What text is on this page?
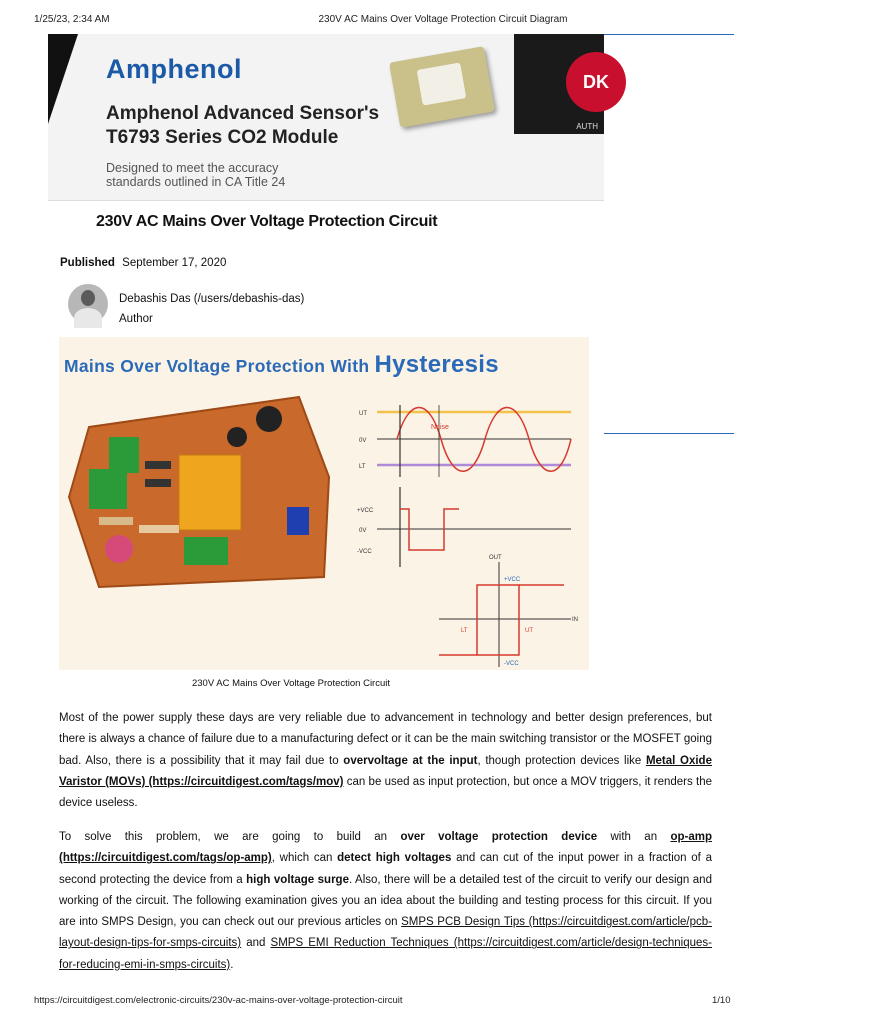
1/25/23, 2:34 AM	230V AC Mains Over Voltage Protection Circuit Diagram
Amphenol
Amphenol Advanced Sensor's
T6793 Series CO2 Module
Designed to meet the accuracy
standards outlined in CA Title 24
DK
AUTH
230V AC Mains Over Voltage Protection Circuit
Published September 17, 2020
Debashis Das (/users/debashis-das)
Author
Mains Over Voltage Protection With Hysteresis
UT
0V
LT
Noise
+VCC
0V
-VCC
OUT
IN
+VCC
-VCC
LT	UT
230V AC Mains Over Voltage Protection Circuit
Most of the power supply these days are very reliable due to advancement in technology and better design preferences, but there is always a chance of failure due to a manufacturing defect or it can be the main switching transistor or the MOSFET going bad. Also, there is a possibility that it may fail due to overvoltage at the input, though protection devices like Metal Oxide Varistor (MOVs) (https://circuitdigest.com/tags/mov) can be used as input protection, but once a MOV triggers, it renders the device useless.
To solve this problem, we are going to build an over voltage protection device with an op-amp (https://circuitdigest.com/tags/op-amp), which can detect high voltages and can cut of the input power in a fraction of a second protecting the device from a high voltage surge. Also, there will be a detailed test of the circuit to verify our design and working of the circuit. The following examination gives you an idea about the building and testing process for this circuit. If you are into SMPS Design, you can check out our previous articles on SMPS PCB Design Tips (https://circuitdigest.com/article/pcb-layout-design-tips-for-smps-circuits) and SMPS EMI Reduction Techniques (https://circuitdigest.com/article/design-techniques-for-reducing-emi-in-smps-circuits).
https://circuitdigest.com/electronic-circuits/230v-ac-mains-over-voltage-protection-circuit	1/10
